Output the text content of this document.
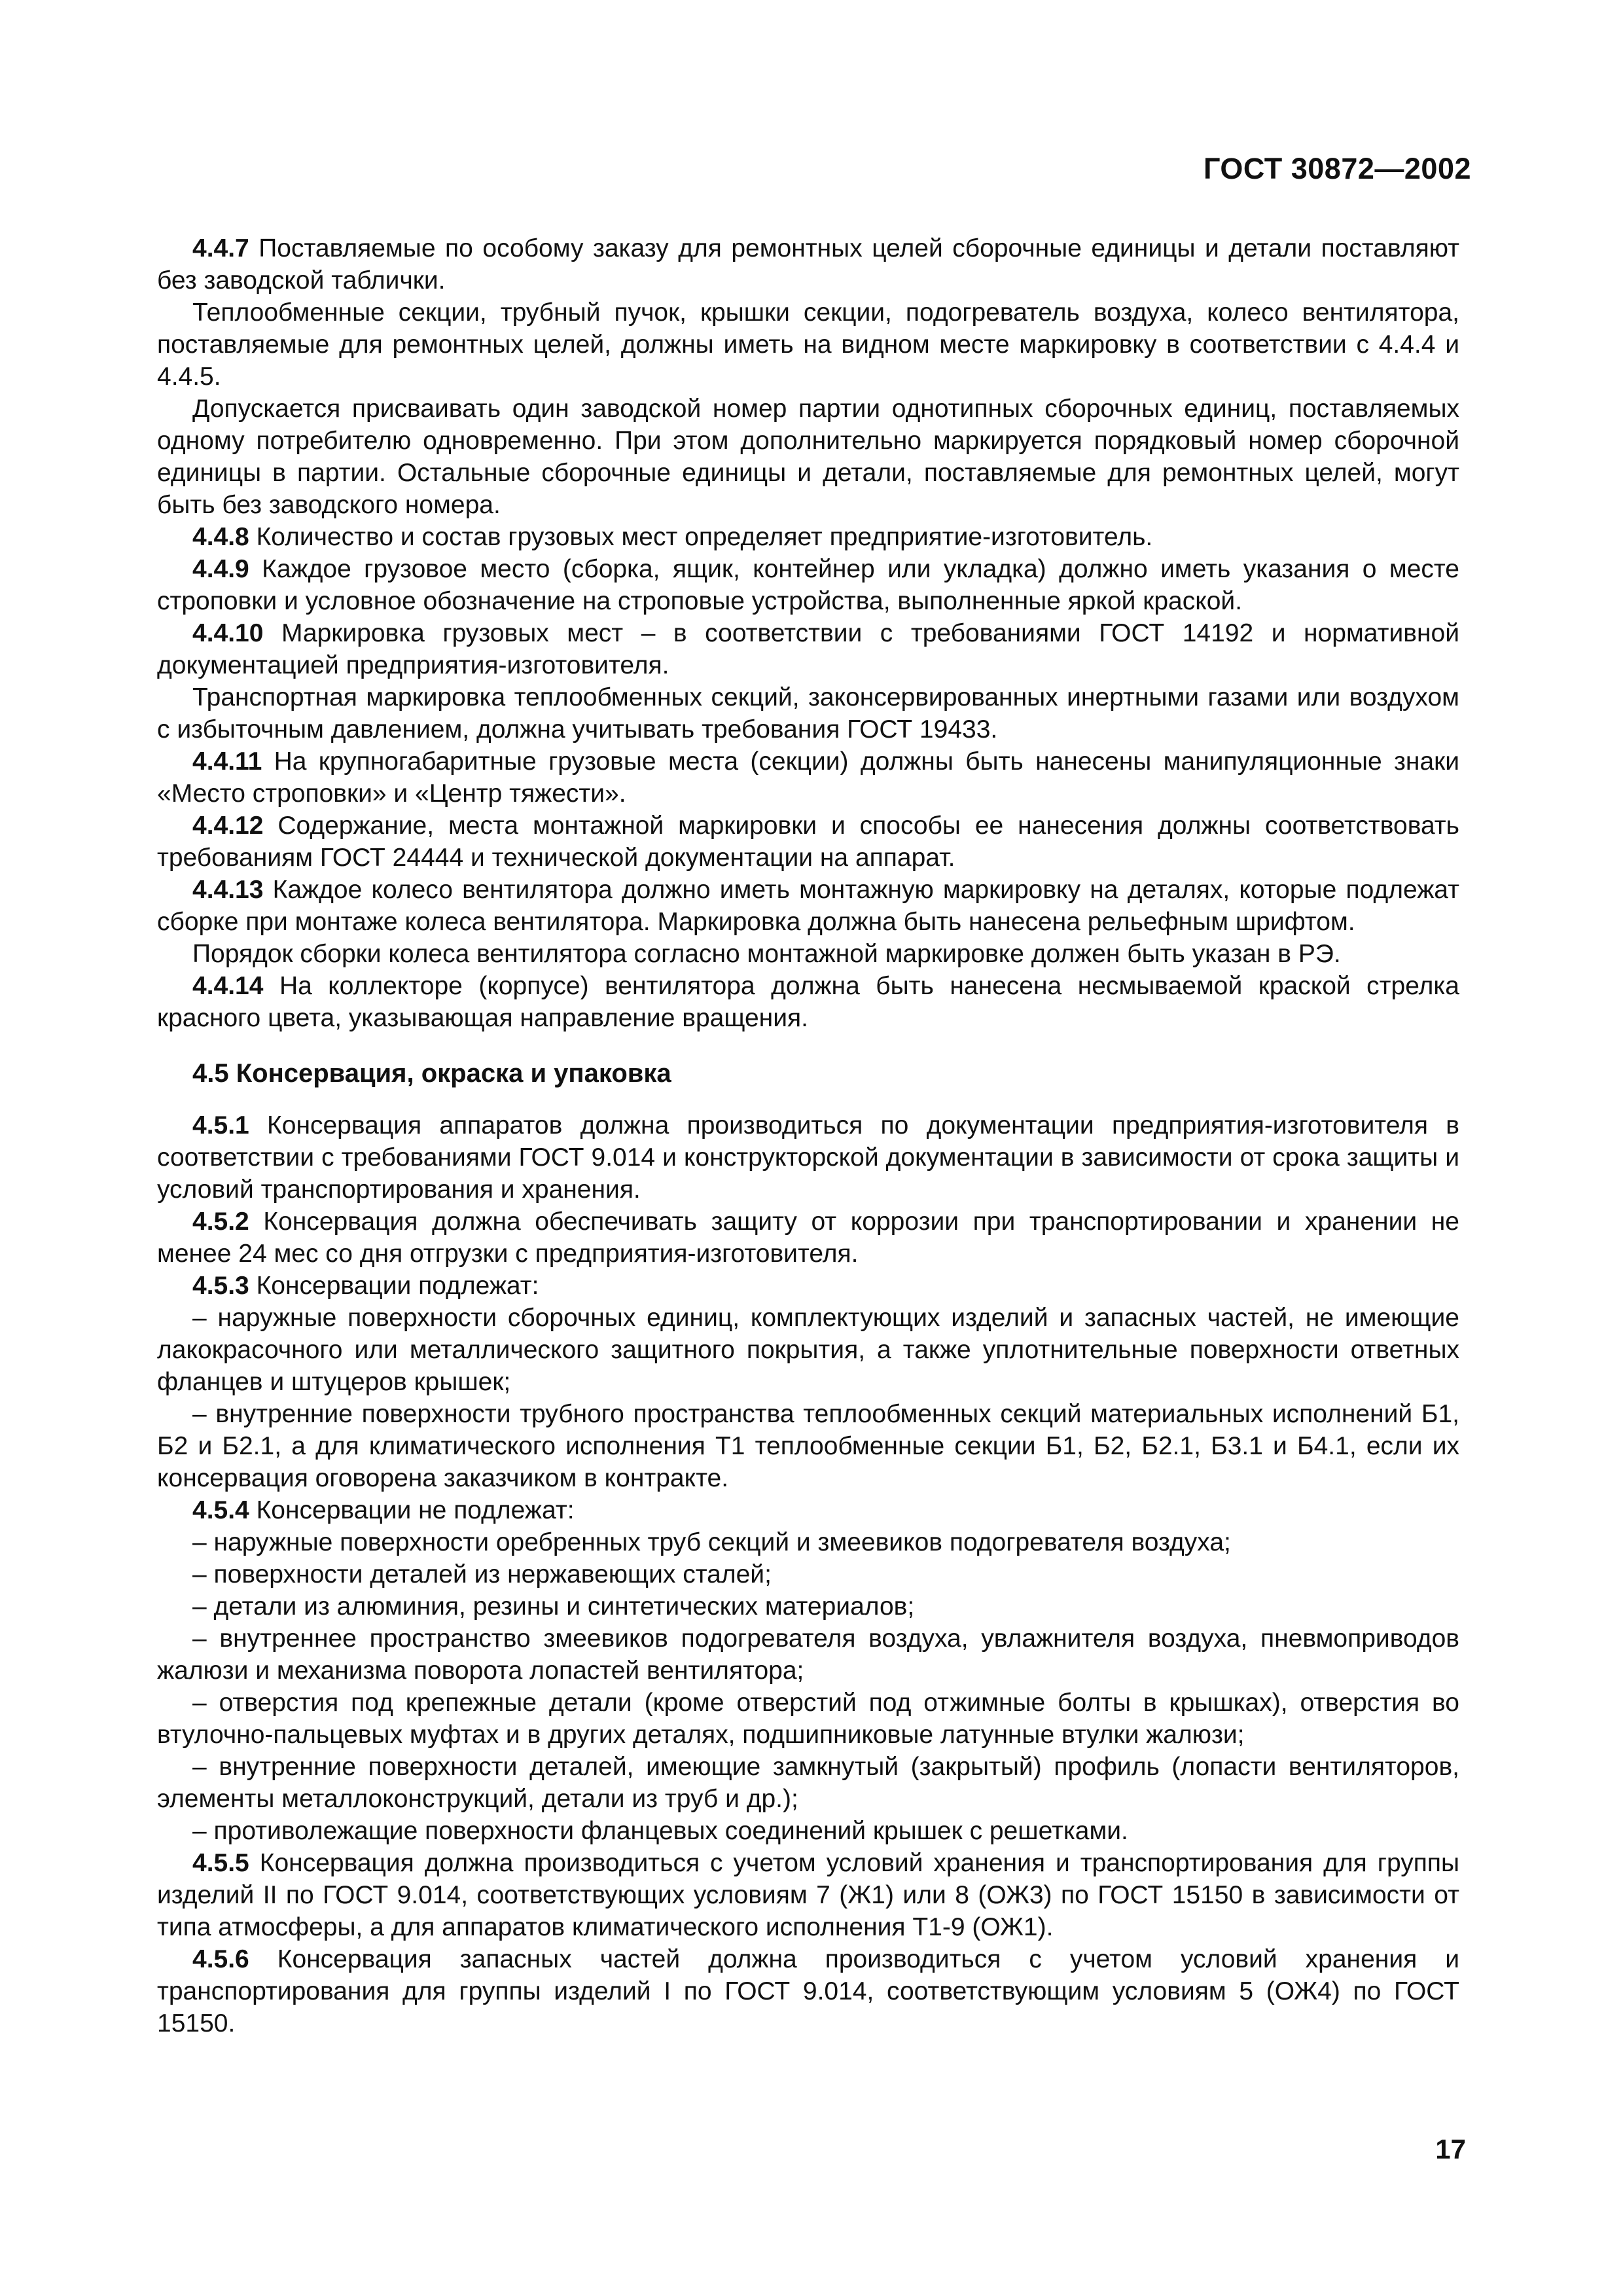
ГОСТ 30872—2002

4.4.7 Поставляемые по особому заказу для ремонтных целей сборочные единицы и детали поставляют без заводской таблички.

Теплообменные секции, трубный пучок, крышки секции, подогреватель воздуха, колесо вентилятора, поставляемые для ремонтных целей, должны иметь на видном месте маркировку в соответствии с 4.4.4 и 4.4.5.

Допускается присваивать один заводской номер партии однотипных сборочных единиц, поставляемых одному потребителю одновременно. При этом дополнительно маркируется порядковый номер сборочной единицы в партии. Остальные сборочные единицы и детали, поставляемые для ремонтных целей, могут быть без заводского номера.

4.4.8 Количество и состав грузовых мест определяет предприятие-изготовитель.

4.4.9 Каждое грузовое место (сборка, ящик, контейнер или укладка) должно иметь указания о месте строповки и условное обозначение на строповые устройства, выполненные яркой краской.

4.4.10 Маркировка грузовых мест – в соответствии с требованиями ГОСТ 14192 и нормативной документацией предприятия-изготовителя.

Транспортная маркировка теплообменных секций, законсервированных инертными газами или воздухом с избыточным давлением, должна учитывать требования ГОСТ 19433.

4.4.11 На крупногабаритные грузовые места (секции) должны быть нанесены манипуляционные знаки «Место строповки» и «Центр тяжести».

4.4.12 Содержание, места монтажной маркировки и способы ее нанесения должны соответствовать требованиям ГОСТ 24444 и технической документации на аппарат.

4.4.13 Каждое колесо вентилятора должно иметь монтажную маркировку на деталях, которые подлежат сборке при монтаже колеса вентилятора. Маркировка должна быть нанесена рельефным шрифтом.

Порядок сборки колеса вентилятора согласно монтажной маркировке должен быть указан в РЭ.

4.4.14 На коллекторе (корпусе) вентилятора должна быть нанесена несмываемой краской стрелка красного цвета, указывающая направление вращения.

4.5 Консервация, окраска и упаковка

4.5.1 Консервация аппаратов должна производиться по документации предприятия-изготовителя в соответствии с требованиями ГОСТ 9.014 и конструкторской документации в зависимости от срока защиты и условий транспортирования и хранения.

4.5.2 Консервация должна обеспечивать защиту от коррозии при транспортировании и хранении не менее 24 мес со дня отгрузки с предприятия-изготовителя.

4.5.3 Консервации подлежат:

– наружные поверхности сборочных единиц, комплектующих изделий и запасных частей, не имеющие лакокрасочного или металлического защитного покрытия, а также уплотнительные поверхности ответных фланцев и штуцеров крышек;

– внутренние поверхности трубного пространства теплообменных секций материальных исполнений Б1, Б2 и Б2.1, а для климатического исполнения Т1 теплообменные секции Б1, Б2, Б2.1, Б3.1 и Б4.1, если их консервация оговорена заказчиком в контракте.

4.5.4 Консервации не подлежат:

– наружные поверхности оребренных труб секций и змеевиков подогревателя воздуха;

– поверхности деталей из нержавеющих сталей;

– детали из алюминия, резины и синтетических материалов;

– внутреннее пространство змеевиков подогревателя воздуха, увлажнителя воздуха, пневмоприводов жалюзи и механизма поворота лопастей вентилятора;

– отверстия под крепежные детали (кроме отверстий под отжимные болты в крышках), отверстия во втулочно-пальцевых муфтах и в других деталях, подшипниковые латунные втулки жалюзи;

– внутренние поверхности деталей, имеющие замкнутый (закрытый) профиль (лопасти вентиляторов, элементы металлоконструкций, детали из труб и др.);

– противолежащие поверхности фланцевых соединений крышек с решетками.

4.5.5 Консервация должна производиться с учетом условий хранения и транспортирования для группы изделий II по ГОСТ 9.014, соответствующих условиям 7 (Ж1) или 8 (ОЖ3) по ГОСТ 15150 в зависимости от типа атмосферы, а для аппаратов климатического исполнения Т1-9 (ОЖ1).

4.5.6 Консервация запасных частей должна производиться с учетом условий хранения и транспортирования для группы изделий I по ГОСТ 9.014, соответствующим условиям 5 (ОЖ4) по ГОСТ 15150.

17
